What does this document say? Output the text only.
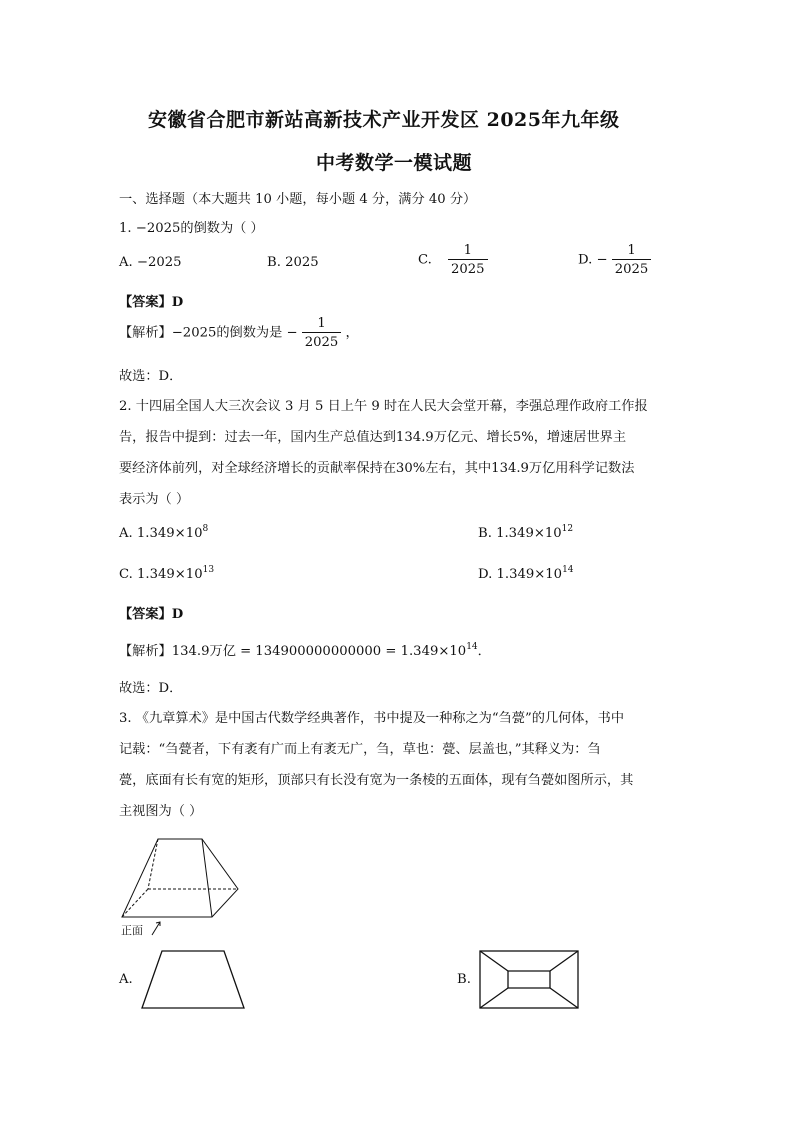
安徽省合肥市新站高新技术产业开发区 2025年九年级
中考数学一模试题
一、选择题（本大题共 10 小题，每小题 4 分，满分 40 分）
1. −2025的倒数为（ ）
A. −2025	B. 2025	C. $\frac{1}{2025}$	D. − $\frac{1}{2025}$
【答案】D
【解析】−2025的倒数为是 − $\frac{1}{2025}$ ，
故选：D．
2. 十四届全国人大三次会议 3 月 5 日上午 9 时在人民大会堂开幕，李强总理作政府工作报
告，报告中提到：过去一年，国内生产总值达到134.9万亿元、增长5%，增速居世界主
要经济体前列，对全球经济增长的贡献率保持在30%左右，其中134.9万亿用科学记数法
表示为（ ）
A. $1.349\times 10^8$	B. $1.349\times 10^{12}$
C. $1.349\times 10^{13}$	D. $1.349\times 10^{14}$
【答案】D
【解析】134.9万亿 = $134900000000000 = 1.349\times 10^{14}$．
故选：D．
3. 《九章算术》是中国古代数学经典著作，书中提及一种称之为“刍甍”的几何体，书中
记载：“刍甍者，下有袤有广而上有袤无广，刍，草也：甍、层盖也，”其释义为：刍
甍，底面有长有宽的矩形，顶部只有长没有宽为一条棱的五面体，现有刍甍如图所示，其
主视图为（ ）
正面
A.	B.
